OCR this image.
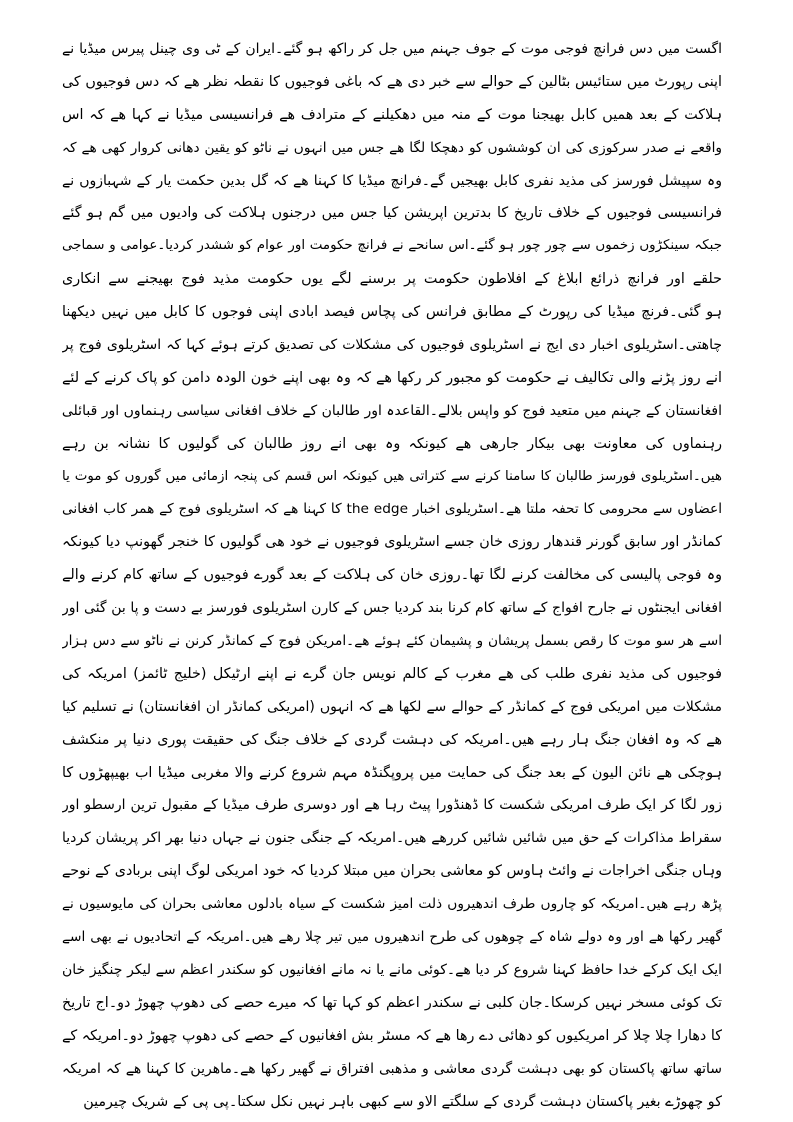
اگست میں دس فرانچ فوجی موت کے جوف جہنم میں جل کر راکھ ہو گئے۔ایران کے ٹی وی چینل پیرس میڈیا نے
اپنی رپورٹ میں ستائیس بٹالین کے حوالے سے خبر دی ھے کہ باغی فوجیوں کا نقطہ نظر ھے کہ دس فوجیوں کی
ہلاکت کے بعد ھمیں کابل بھیجنا موت کے منہ میں دھکیلنے کے مترادف ھے فرانسیسی میڈیا نے کہا ھے کہ اس
واقعے نے صدر سرکوزی کی ان کوششوں کو دھچکا لگا ھے جس میں انہوں نے ناٹو کو یقین دھانی کروار کھی ھے کہ
وہ سپیشل فورسز کی مذید نفری کابل بھیجیں گے۔فرانچ میڈیا کا کہنا ھے کہ گل بدین حکمت یار کے شہبازوں نے
فرانسیسی فوجیوں کے خلاف تاریخ کا بدترین اپریشن کیا جس میں درجنوں ہلاکت کی وادیوں میں گم ہو گئے
جبکہ سینکڑوں زخموں سے چور چور ہو گئے۔اس سانحے نے فرانچ حکومت اور عوام کو ششدر کردیا۔عوامی و سماجی
حلقے اور فرانچ ذرائع ابلاغ کے افلاطون حکومت پر برسنے لگے یوں حکومت مذید فوج بھیجنے سے انکاری
ہو گئی۔فرنچ میڈیا کی رپورٹ کے مطابق فرانس کی پچاس فیصد ابادی اپنی فوجوں کا کابل میں نہیں دیکھنا
چاھتی۔اسٹریلوی اخبار دی ایج نے اسٹریلوی فوجیوں کی مشکلات کی تصدیق کرتے ہوئے کہا کہ اسٹریلوی فوج پر
انے روز پڑنے والی تکالیف نے حکومت کو مجبور کر رکھا ھے کہ وہ بھی اپنے خون الودہ دامن کو پاک کرنے کے لئے
افغانستان کے جہنم میں متعید فوج کو واپس بلالے۔القاعدہ اور طالبان کے خلاف افغانی سیاسی رہنماوں اور قبائلی
رہنماوں کی معاونت بھی بیکار جارھی ھے کیونکہ وہ بھی انے روز طالبان کی گولیوں کا نشانہ بن رہے
ھیں۔اسٹریلوی فورسز طالبان کا سامنا کرنے سے کتراتی ھیں کیونکہ اس قسم کی پنجہ ازمائی میں گوروں کو موت یا
اعضاوں سے محرومی کا تحفہ ملتا ھے۔اسٹریلوی اخبار the edge کا کہنا ھے کہ اسٹریلوی فوج کے ھمر کاب افغانی
کمانڈر اور سابق گورنر قندھار روزی خان جسے اسٹریلوی فوجیوں نے خود ھی گولیوں کا خنجر گھونپ دیا کیونکہ
وہ فوجی پالیسی کی مخالفت کرنے لگا تھا۔روزی خان کی ہلاکت کے بعد گورے فوجیوں کے ساتھ کام کرنے والے
افغانی ایجنٹوں نے جارح افواج کے ساتھ کام کرنا بند کردیا جس کے کارن اسٹریلوی فورسز بے دست و پا بن گئی اور
اسے ھر سو موت کا رقص بسمل پریشان و پشیمان کئے ہوئے ھے۔امریکن فوج کے کمانڈر کرنن نے ناٹو سے دس ہزار
فوجیوں کی مذید نفری طلب کی ھے مغرب کے کالم نویس جان گرے نے اپنے ارٹیکل (خلیج ٹائمز) امریکہ کی
مشکلات میں امریکی فوج کے کمانڈر کے حوالے سے لکھا ھے کہ انہوں (امریکی کمانڈر ان افغانستان) نے تسلیم کیا
ھے کہ وہ افغان جنگ ہار رہے ھیں۔امریکہ کی دہشت گردی کے خلاف جنگ کی حقیقت پوری دنیا پر منکشف
ہوچکی ھے نائن الیون کے بعد جنگ کی حمایت میں پروپگنڈہ مہم شروع کرنے والا مغربی میڈیا اب بھیپھڑوں کا
زور لگا کر ایک طرف امریکی شکست کا ڈھنڈورا پیٹ رہا ھے اور دوسری طرف میڈیا کے مقبول ترین ارسطو اور
سقراط مذاکرات کے حق میں شائیں شائیں کررھے ھیں۔امریکہ کے جنگی جنون نے جہاں دنیا بھر اکر پریشان کردیا
وہاں جنگی اخراجات نے وائٹ ہاوس کو معاشی بحران میں مبتلا کردیا کہ خود امریکی لوگ اپنی بربادی کے نوحے
پڑھ رہے ھیں۔امریکہ کو چاروں طرف اندھیروں ذلت امیز شکست کے سیاہ بادلوں معاشی بحران کی مایوسیوں نے
گھیر رکھا ھے اور وہ دولے شاہ کے چوھوں کی طرح اندھیروں میں تیر چلا رھے ھیں۔امریکہ کے اتحادیوں نے بھی اسے
ایک ایک کرکے خدا حافظ کہنا شروع کر دیا ھے۔کوئی مانے یا نہ مانے افغانیوں کو سکندر اعظم سے لیکر چنگیز خان
تک کوئی مسخر نہیں کرسکا۔جان کلبی نے سکندر اعظم کو کہا تھا کہ میرے حصے کی دھوپ چھوڑ دو۔اج تاریخ
کا دھارا چلا چلا کر امریکیوں کو دھائی دے رھا ھے کہ مسٹر بش افغانیوں کے حصے کی دھوپ چھوڑ دو۔امریکہ کے
ساتھ ساتھ پاکستان کو بھی دہشت گردی معاشی و مذھبی افتراق نے گھیر رکھا ھے۔ماھرین کا کہنا ھے کہ امریکہ
کو چھوڑے بغیر پاکستان دہشت گردی کے سلگتے الاو سے کبھی باہر نہیں نکل سکتا۔پی پی کے شریک چیرمین
